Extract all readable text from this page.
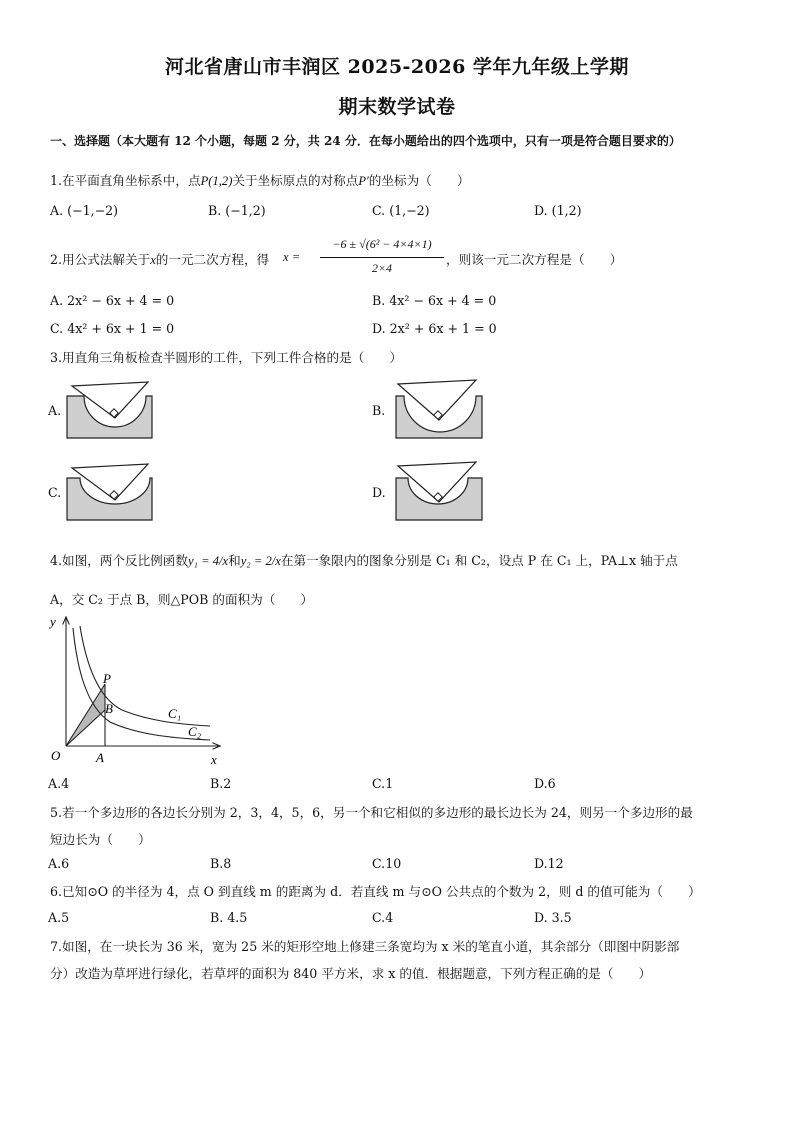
河北省唐山市丰润区 2025-2026 学年九年级上学期
期末数学试卷
一、选择题（本大题有 12 个小题，每题 2 分，共 24 分．在每小题给出的四个选项中，只有一项是符合题目要求的）
1.在平面直角坐标系中，点P(1,2)关于坐标原点的对称点P′的坐标为（　　）
A. (−1,−2)	B. (−1,2)	C. (1,−2)	D. (1,2)
2.用公式法解关于x的一元二次方程，得 x =
−6 ± √(6² − 4×4×1)
2×4
，则该一元二次方程是（　　）
A. 2x² − 6x + 4 = 0	B. 4x² − 6x + 4 = 0
C. 4x² + 6x + 1 = 0	D. 2x² + 6x + 1 = 0
3.用直角三角板检查半圆形的工件，下列工件合格的是（　　）
A.	B.
C.	D.
4.如图，两个反比例函数y₁ = 4/x和y₂ = 2/x在第一象限内的图象分别是 C₁ 和 C₂，设点 P 在 C₁ 上，PA⊥x 轴于点
A，交 C₂ 于点 B，则△POB 的面积为（　　）
y
x
O	A
B
P
C₁
C₂
A.4	B.2	C.1	D.6
5.若一个多边形的各边长分别为 2，3，4，5，6，另一个和它相似的多边形的最长边长为 24，则另一个多边形的最
短边长为（　　）
A.6	B.8	C.10	D.12
6.已知⊙O 的半径为 4，点 O 到直线 m 的距离为 d．若直线 m 与⊙O 公共点的个数为 2，则 d 的值可能为（　　）
A.5	B. 4.5	C.4	D. 3.5
7.如图，在一块长为 36 米，宽为 25 米的矩形空地上修建三条宽均为 x 米的笔直小道，其余部分（即图中阴影部
分）改造为草坪进行绿化，若草坪的面积为 840 平方米，求 x 的值．根据题意，下列方程正确的是（　　）
